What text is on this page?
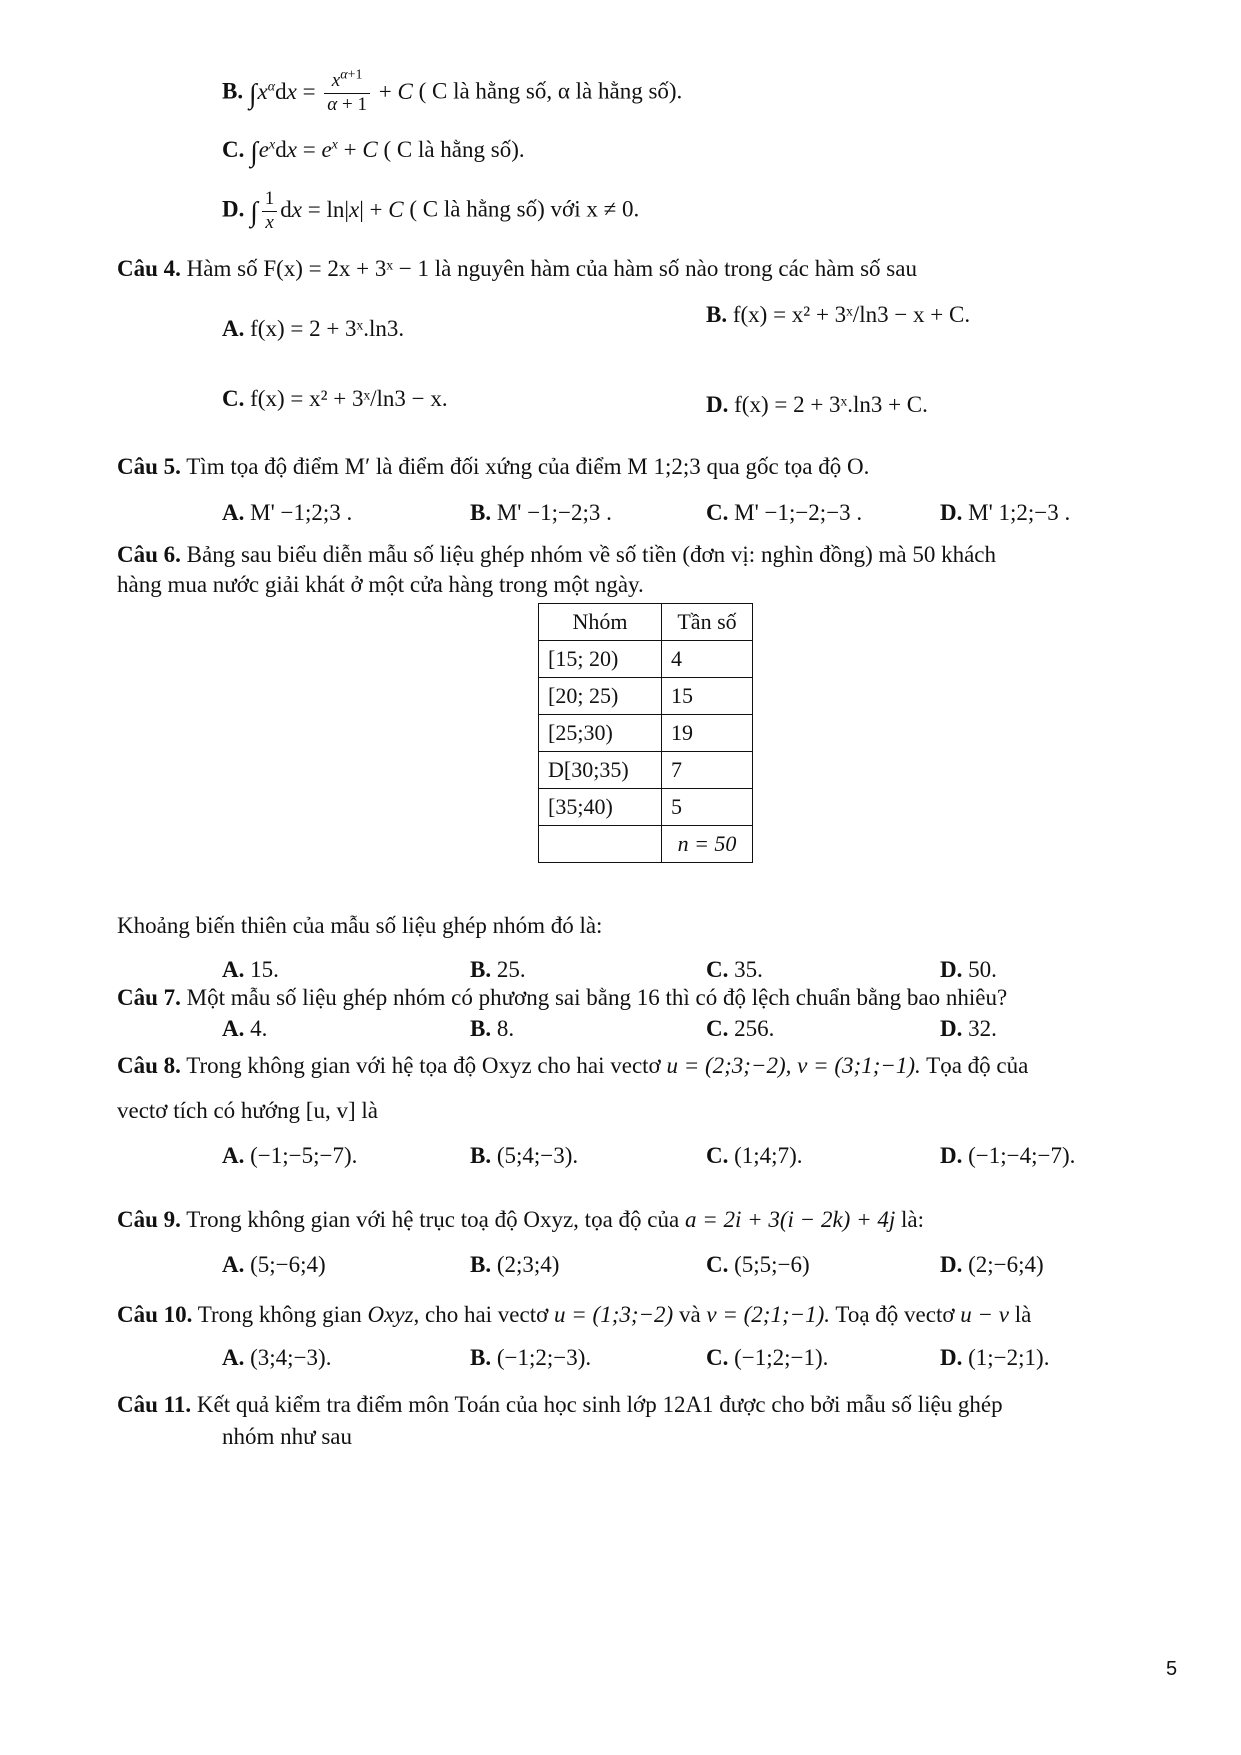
B. $\int x^\alpha dx = \frac{x^{\alpha+1}}{\alpha + 1} + C$ ( C là hằng số, α là hằng số).
C. $\int e^xdx = e^x + C$ ( C là hằng số).
D. ∫ $\frac{1}{x}$ dx = ln|x| + C ( C là hằng số) với x ≠ 0.
Câu 4. Hàm số F(x) = 2x + 3ˣ − 1 là nguyên hàm của hàm số nào trong các hàm số sau
A. f(x) = 2 + 3ˣ.ln3.
B. f(x) = x² + 3ˣ/ln3 − x + C.
C. f(x) = x² + 3ˣ/ln3 − x.	D. f(x) = 2 + 3ˣ.ln3 + C.
Câu 5. Tìm tọa độ điểm M′ là điểm đối xứng của điểm M 1;2;3 qua gốc tọa độ O.
A. M' −1;2;3 .	B. M' −1;−2;3 .	C. M' −1;−2;−3 .	D. M' 1;2;−3 .
Câu 6. Bảng sau biểu diễn mẫu số liệu ghép nhóm về số tiền (đơn vị: nghìn đồng) mà 50 khách
hàng mua nước giải khát ở một cửa hàng trong một ngày.
Nhóm	Tần số
[15; 20)	4
[20; 25)	15
[25;30)	19
D[30;35)	7
[35;40)	5
	n = 50
Khoảng biến thiên của mẫu số liệu ghép nhóm đó là:
A. 15.	B. 25.	C. 35.	D. 50.
Câu 7. Một mẫu số liệu ghép nhóm có phương sai bằng 16 thì có độ lệch chuẩn bằng bao nhiêu?
A. 4.	B. 8.	C. 256.	D. 32.
Câu 8. Trong không gian với hệ tọa độ Oxyz cho hai vectơ u = (2;3;−2), v = (3;1;−1). Tọa độ của
vectơ tích có hướng [u, v] là
A. (−1;−5;−7).	B. (5;4;−3).	C. (1;4;7).	D. (−1;−4;−7).
Câu 9. Trong không gian với hệ trục toạ độ Oxyz, tọa độ của a = 2i + 3(i − 2k) + 4j là:
A. (5;−6;4)	B. (2;3;4)	C. (5;5;−6)	D. (2;−6;4)
Câu 10. Trong không gian Oxyz, cho hai vectơ u = (1;3;−2) và v = (2;1;−1). Toạ độ vectơ u − v là
A. (3;4;−3).	B. (−1;2;−3).	C. (−1;2;−1).	D. (1;−2;1).
Câu 11. Kết quả kiểm tra điểm môn Toán của học sinh lớp 12A1 được cho bởi mẫu số liệu ghép
nhóm như sau
5
